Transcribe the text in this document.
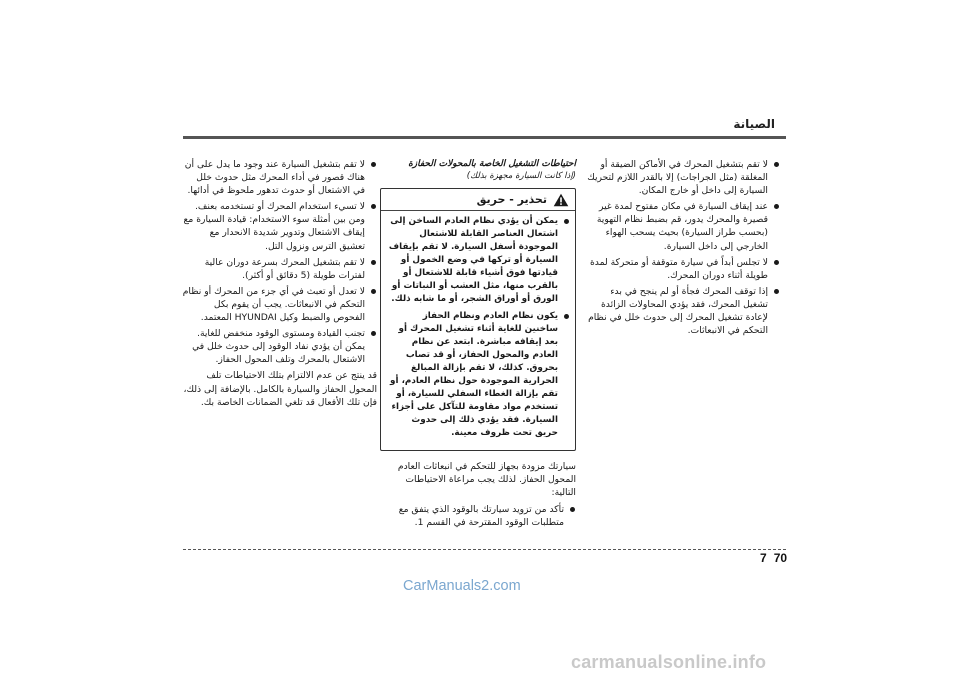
الصيانة
لا تقم بتشغيل المحرك في الأماكن الضيقة أو المغلقة (مثل الجراجات) إلا بالقدر اللازم لتحريك السيارة إلى داخل أو خارج المكان.
عند إيقاف السيارة في مكان مفتوح لمدة غير قصيرة والمحرك يدور، قم بضبط نظام التهوية (بحسب طراز السيارة) بحيث يسحب الهواء الخارجي إلى داخل السيارة.
لا تجلس أبداً في سيارة متوقفة أو متحركة لمدة طويلة أثناء دوران المحرك.
إذا توقف المحرك فجأة أو لم ينجح في بدء تشغيل المحرك، فقد يؤدي المحاولات الزائدة لإعادة تشغيل المحرك إلى حدوث خلل في نظام التحكم في الانبعاثات.

احتياطات التشغيل الخاصة بالمحولات الحفازة

(إذا كانت السيارة مجهزة بذلك)

تحذير - حريق
يمكن أن يؤدي نظام العادم الساخن إلى اشتعال العناصر القابلة للاشتعال الموجودة أسفل السيارة. لا تقم بإيقاف السيارة أو تركها في وضع الخمول أو قيادتها فوق أشياء قابلة للاشتعال أو بالقرب منها، مثل العشب أو النباتات أو الورق أو أوراق الشجر، أو ما شابه ذلك.
يكون نظام العادم ونظام الحفاز ساخنين للغاية أثناء تشغيل المحرك أو بعد إيقافه مباشرة. ابتعد عن نظام العادم والمحول الحفاز، أو قد تصاب بحروق. كذلك، لا تقم بإزالة المبالغ الحرارية الموجودة حول نظام العادم، أو تقم بإزالة الغطاء السفلي للسيارة، أو تستخدم مواد مقاومة للتآكل على أجزاء السيارة. فقد يؤدي ذلك إلى حدوث حريق تحت ظروف معينة.

سيارتك مزودة بجهاز للتحكم في انبعاثات العادم المحول الحفاز. لذلك يجب مراعاة الاحتياطات التالية:

تأكد من تزويد سيارتك بالوقود الذي يتفق مع متطلبات الوقود المقترحة في القسم 1.
لا تقم بتشغيل السيارة عند وجود ما يدل على أن هناك قصور في أداء المحرك مثل حدوث خلل في الاشتعال أو حدوث تدهور ملحوظ في أدائها.
لا تسيء استخدام المحرك أو تستخدمه بعنف. ومن بين أمثلة سوء الاستخدام: قيادة السيارة مع إيقاف الاشتعال وتدوير شديدة الانحدار مع تعشيق الترس ونزول التل.
لا تقم بتشغيل المحرك بسرعة دوران عالية لفترات طويلة (5 دقائق أو أكثر).
لا تعدل أو تعبث في أي جزء من المحرك أو نظام التحكم في الانبعاثات. يجب أن يقوم بكل الفحوص والضبط وكيل HYUNDAI المعتمد.
تجنب القيادة ومستوى الوقود منخفض للغاية. يمكن أن يؤدي نفاد الوقود إلى حدوث خلل في الاشتعال بالمحرك وتلف المحول الحفاز.

قد ينتج عن عدم الالتزام بتلك الاحتياطات تلف المحول الحفاز والسيارة بالكامل. بالإضافة إلى ذلك، فإن تلك الأفعال قد تلغي الضمانات الخاصة بك.

7 70
CarManuals2.com
carmanualsonline.info
